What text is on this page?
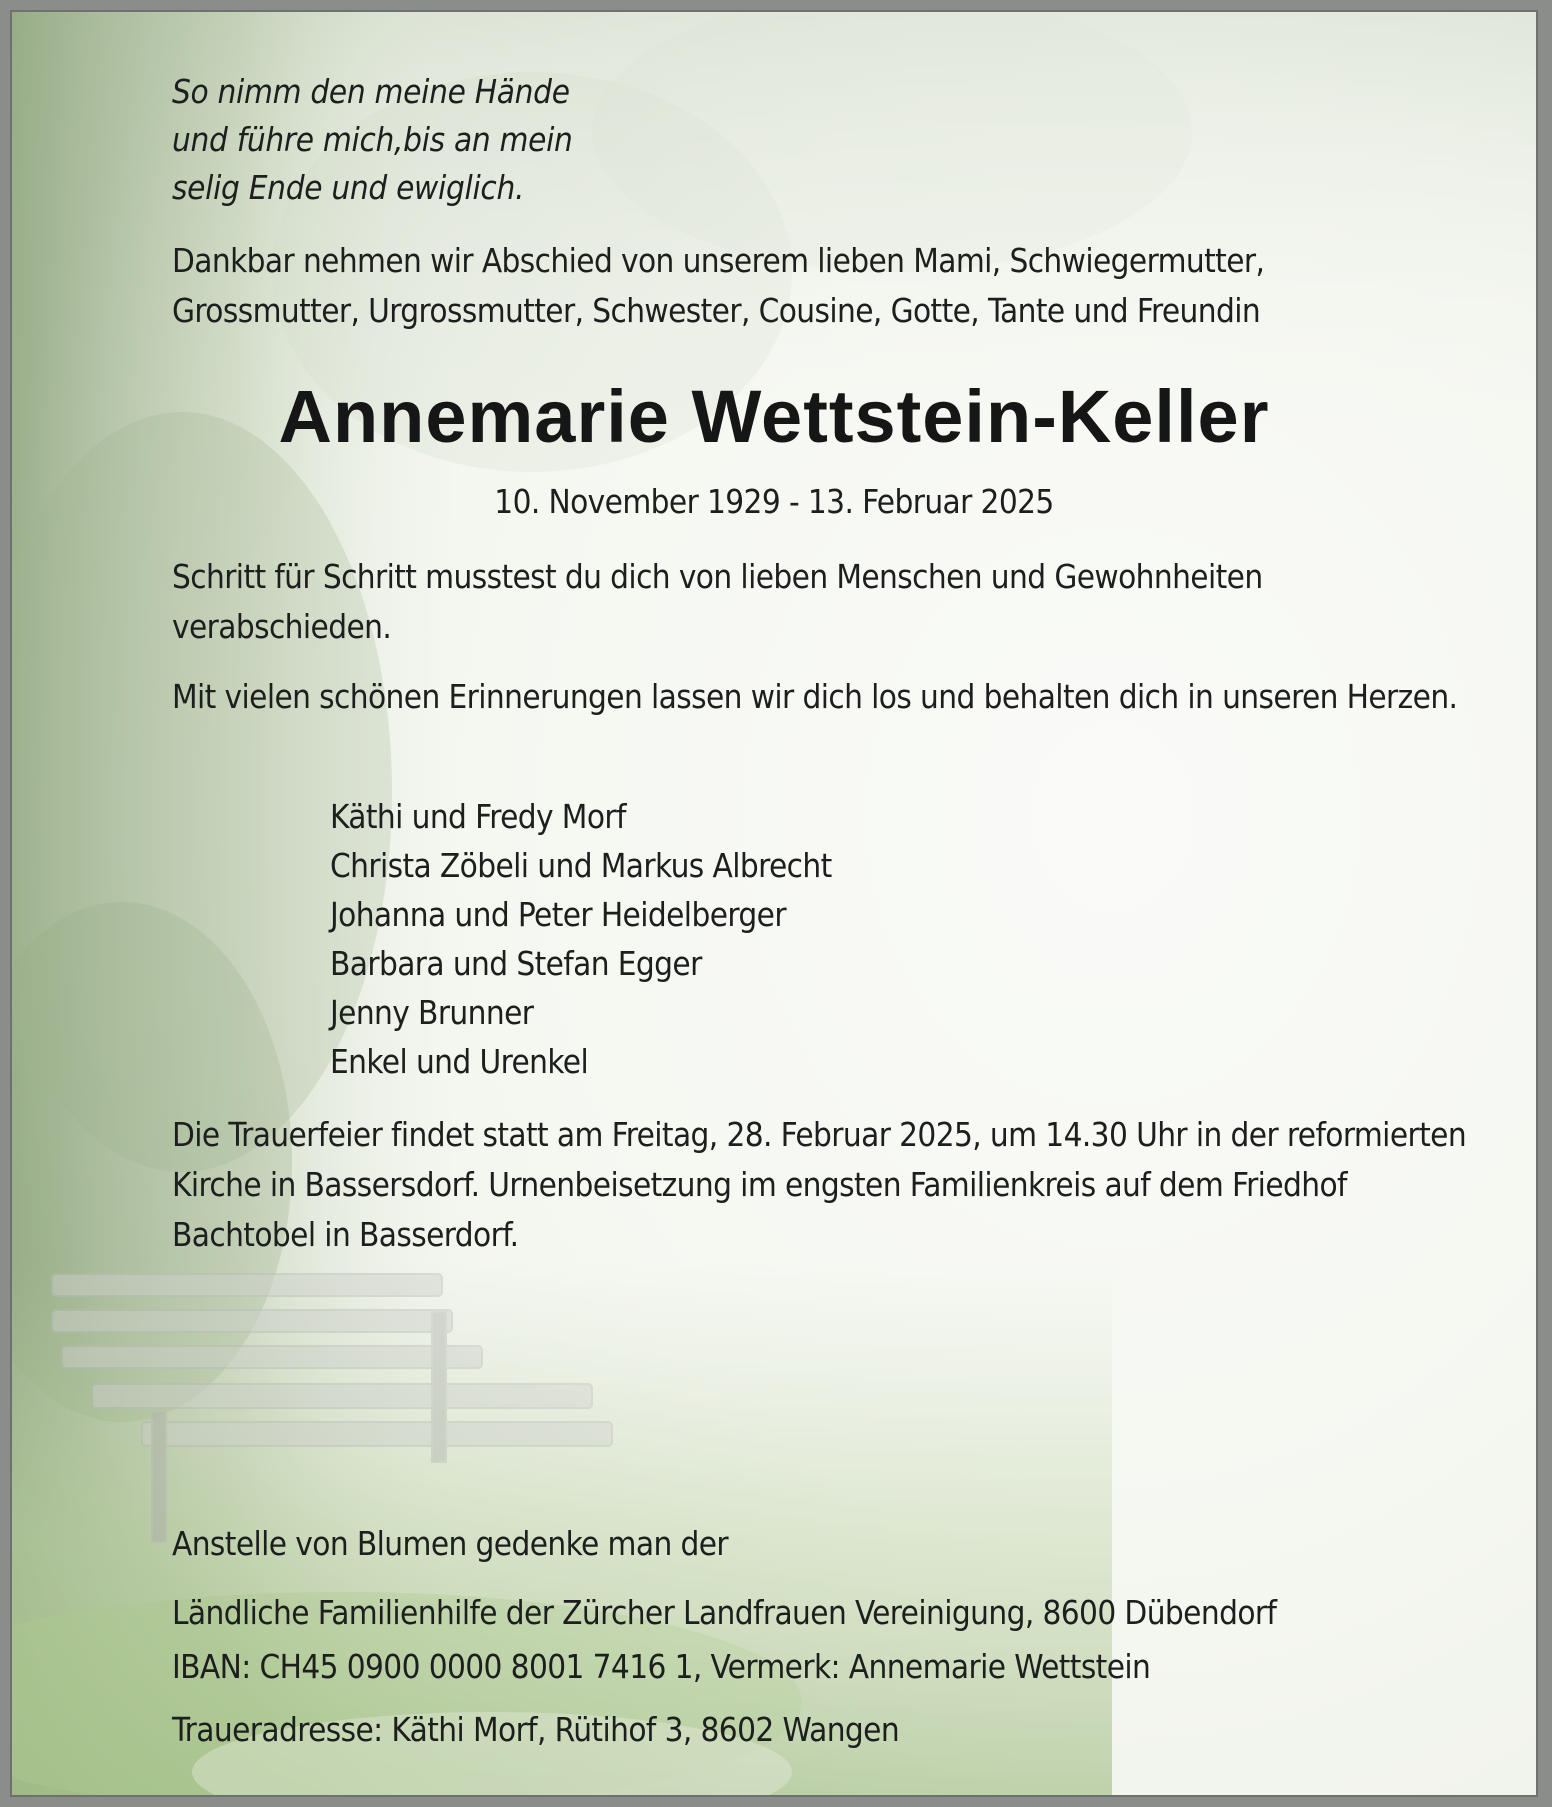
So nimm den meine Hände
und führe mich,bis an mein
selig Ende und ewiglich.
Dankbar nehmen wir Abschied von unserem lieben Mami, Schwiegermutter,
Grossmutter, Urgrossmutter, Schwester, Cousine, Gotte, Tante und Freundin
Annemarie Wettstein-Keller
10. November 1929 - 13. Februar 2025
Schritt für Schritt musstest du dich von lieben Menschen und Gewohnheiten verabschieden.
Mit vielen schönen Erinnerungen lassen wir dich los und behalten dich in unseren Herzen.
Käthi und Fredy Morf
Christa Zöbeli und Markus Albrecht
Johanna und Peter Heidelberger
Barbara und Stefan Egger
Jenny Brunner
Enkel und Urenkel
Die Trauerfeier findet statt am Freitag, 28. Februar 2025, um 14.30 Uhr in der reformierten Kirche in Bassersdorf. Urnenbeisetzung im engsten Familienkreis auf dem Friedhof Bachtobel in Basserdorf.
Anstelle von Blumen gedenke man der
Ländliche Familienhilfe der Zürcher Landfrauen Vereinigung, 8600 Dübendorf
IBAN: CH45 0900 0000 8001 7416 1, Vermerk: Annemarie Wettstein
Traueradresse: Käthi Morf, Rütihof 3, 8602 Wangen
